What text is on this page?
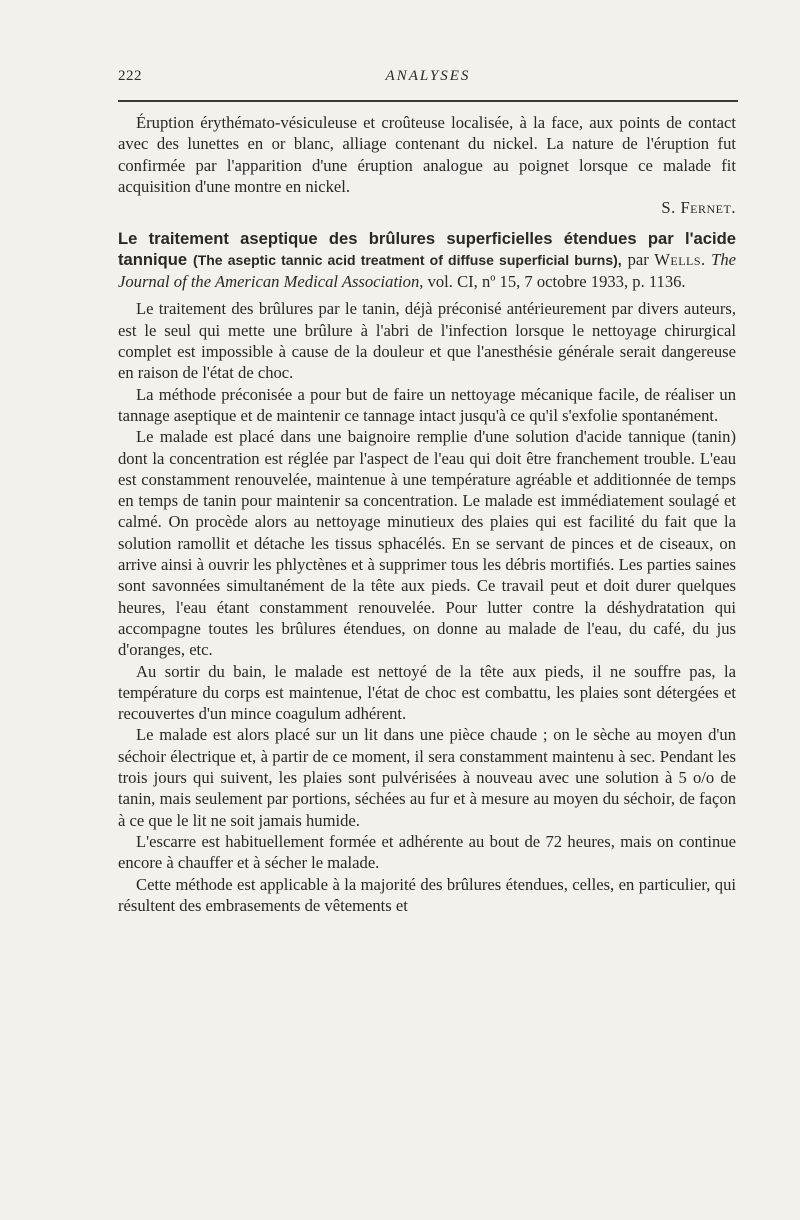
222	ANALYSES

Éruption érythémato-vésiculeuse et croûteuse localisée, à la face, aux points de contact avec des lunettes en or blanc, alliage contenant du nickel. La nature de l'éruption fut confirmée par l'apparition d'une éruption analogue au poignet lorsque ce malade fit acquisition d'une montre en nickel.

S. Fernet.

Le traitement aseptique des brûlures superficielles étendues par l'acide tannique (The aseptic tannic acid treatment of diffuse superficial burns), par Wells. The Journal of the American Medical Association, vol. CI, nº 15, 7 octobre 1933, p. 1136.

Le traitement des brûlures par le tanin, déjà préconisé antérieurement par divers auteurs, est le seul qui mette une brûlure à l'abri de l'infection lorsque le nettoyage chirurgical complet est impossible à cause de la douleur et que l'anesthésie générale serait dangereuse en raison de l'état de choc.

La méthode préconisée a pour but de faire un nettoyage mécanique facile, de réaliser un tannage aseptique et de maintenir ce tannage intact jusqu'à ce qu'il s'exfolie spontanément.

Le malade est placé dans une baignoire remplie d'une solution d'acide tannique (tanin) dont la concentration est réglée par l'aspect de l'eau qui doit être franchement trouble. L'eau est constamment renouvelée, maintenue à une température agréable et additionnée de temps en temps de tanin pour maintenir sa concentration. Le malade est immédiatement soulagé et calmé. On procède alors au nettoyage minutieux des plaies qui est facilité du fait que la solution ramollit et détache les tissus sphacélés. En se servant de pinces et de ciseaux, on arrive ainsi à ouvrir les phlyctènes et à supprimer tous les débris mortifiés. Les parties saines sont savonnées simultanément de la tête aux pieds. Ce travail peut et doit durer quelques heures, l'eau étant constamment renouvelée. Pour lutter contre la déshydratation qui accompagne toutes les brûlures étendues, on donne au malade de l'eau, du café, du jus d'oranges, etc.

Au sortir du bain, le malade est nettoyé de la tête aux pieds, il ne souffre pas, la température du corps est maintenue, l'état de choc est combattu, les plaies sont détergées et recouvertes d'un mince coagulum adhérent.

Le malade est alors placé sur un lit dans une pièce chaude ; on le sèche au moyen d'un séchoir électrique et, à partir de ce moment, il sera constamment maintenu à sec. Pendant les trois jours qui suivent, les plaies sont pulvérisées à nouveau avec une solution à 5 o/o de tanin, mais seulement par portions, séchées au fur et à mesure au moyen du séchoir, de façon à ce que le lit ne soit jamais humide.

L'escarre est habituellement formée et adhérente au bout de 72 heures, mais on continue encore à chauffer et à sécher le malade.

Cette méthode est applicable à la majorité des brûlures étendues, celles, en particulier, qui résultent des embrasements de vêtements et
